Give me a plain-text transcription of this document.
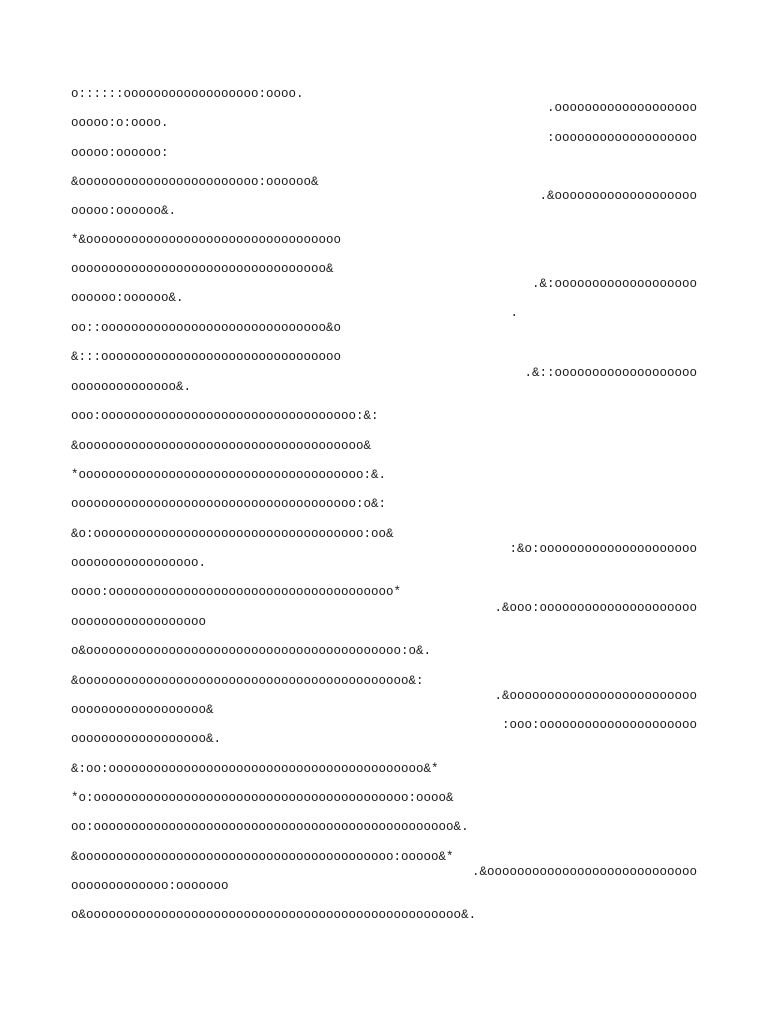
o::::::oooooooooooooooooo:oooo.
.ooooooooooooooooooo
ooooo:o:oooo.
:ooooooooooooooooooo
ooooo:oooooo:
&oooooooooooooooooooooooo:oooooo&
.&ooooooooooooooooooo
ooooo:oooooo&.
*&oooooooooooooooooooooooooooooooooo
oooooooooooooooooooooooooooooooooo&
.&:ooooooooooooooooooo
oooooo:oooooo&.
.
oo::oooooooooooooooooooooooooooooo&o
&:::oooooooooooooooooooooooooooooooo
.&::ooooooooooooooooooo
oooooooooooooo&.
ooo:oooooooooooooooooooooooooooooooooo:&:
&oooooooooooooooooooooooooooooooooooooo&
*oooooooooooooooooooooooooooooooooooooo:&.
oooooooooooooooooooooooooooooooooooooo:o&:
&o:oooooooooooooooooooooooooooooooooooo:oo&
:&o:ooooooooooooooooooooo
ooooooooooooooooo.
oooo:oooooooooooooooooooooooooooooooooooooo*
.&ooo:ooooooooooooooooooooo
oooooooooooooooooo
o&oooooooooooooooooooooooooooooooooooooooooo:o&.
&oooooooooooooooooooooooooooooooooooooooooooo&:
.&ooooooooooooooooooooooooo
oooooooooooooooooo&
:ooo:ooooooooooooooooooooo
oooooooooooooooooo&.
&:oo:oooooooooooooooooooooooooooooooooooooooooo&*
*o:oooooooooooooooooooooooooooooooooooooooooo:oooo&
oo:oooooooooooooooooooooooooooooooooooooooooooooooo&.
&oooooooooooooooooooooooooooooooooooooooooo:ooooo&*
.&oooooooooooooooooooooooooooo
ooooooooooooo:ooooooo
o&oooooooooooooooooooooooooooooooooooooooooooooooooo&.
